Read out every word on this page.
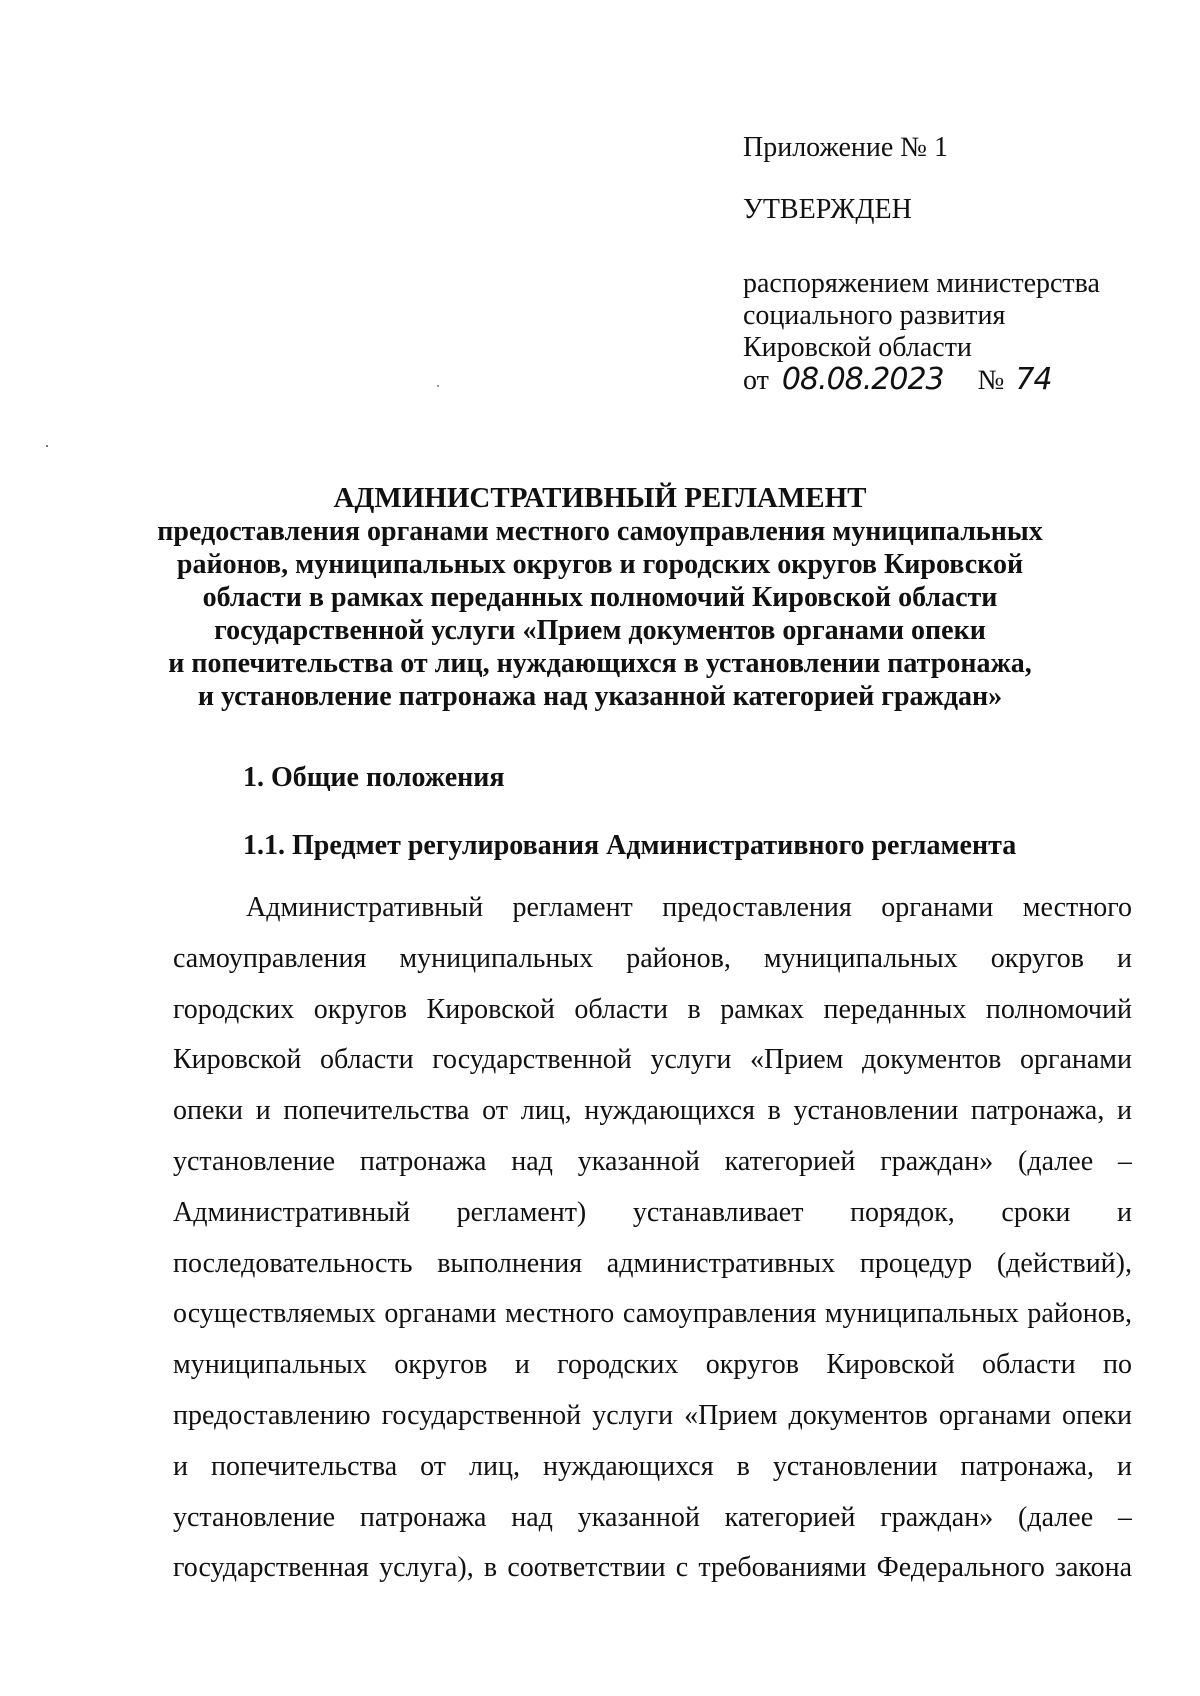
Приложение № 1

УТВЕРЖДЕН

распоряжением министерства

социального развития

Кировской области

от 08.08.2023 № 74

АДМИНИСТРАТИВНЫЙ РЕГЛАМЕНТ
предоставления органами местного самоуправления муниципальных
районов, муниципальных округов и городских округов Кировской
области в рамках переданных полномочий Кировской области
государственной услуги «Прием документов органами опеки
и попечительства от лиц, нуждающихся в установлении патронажа,
и установление патронажа над указанной категорией граждан»
1. Общие положения
1.1. Предмет регулирования Административного регламента
Административный регламент предоставления органами местного
самоуправления муниципальных районов, муниципальных округов и
городских округов Кировской области в рамках переданных полномочий
Кировской области государственной услуги «Прием документов органами
опеки и попечительства от лиц, нуждающихся в установлении патронажа, и
установление патронажа над указанной категорией граждан» (далее –
Административный регламент) устанавливает порядок, сроки и
последовательность выполнения административных процедур (действий),
осуществляемых органами местного самоуправления муниципальных районов,
муниципальных округов и городских округов Кировской области по
предоставлению государственной услуги «Прием документов органами опеки
и попечительства от лиц, нуждающихся в установлении патронажа, и
установление патронажа над указанной категорией граждан» (далее –
государственная услуга), в соответствии с требованиями Федерального закона
